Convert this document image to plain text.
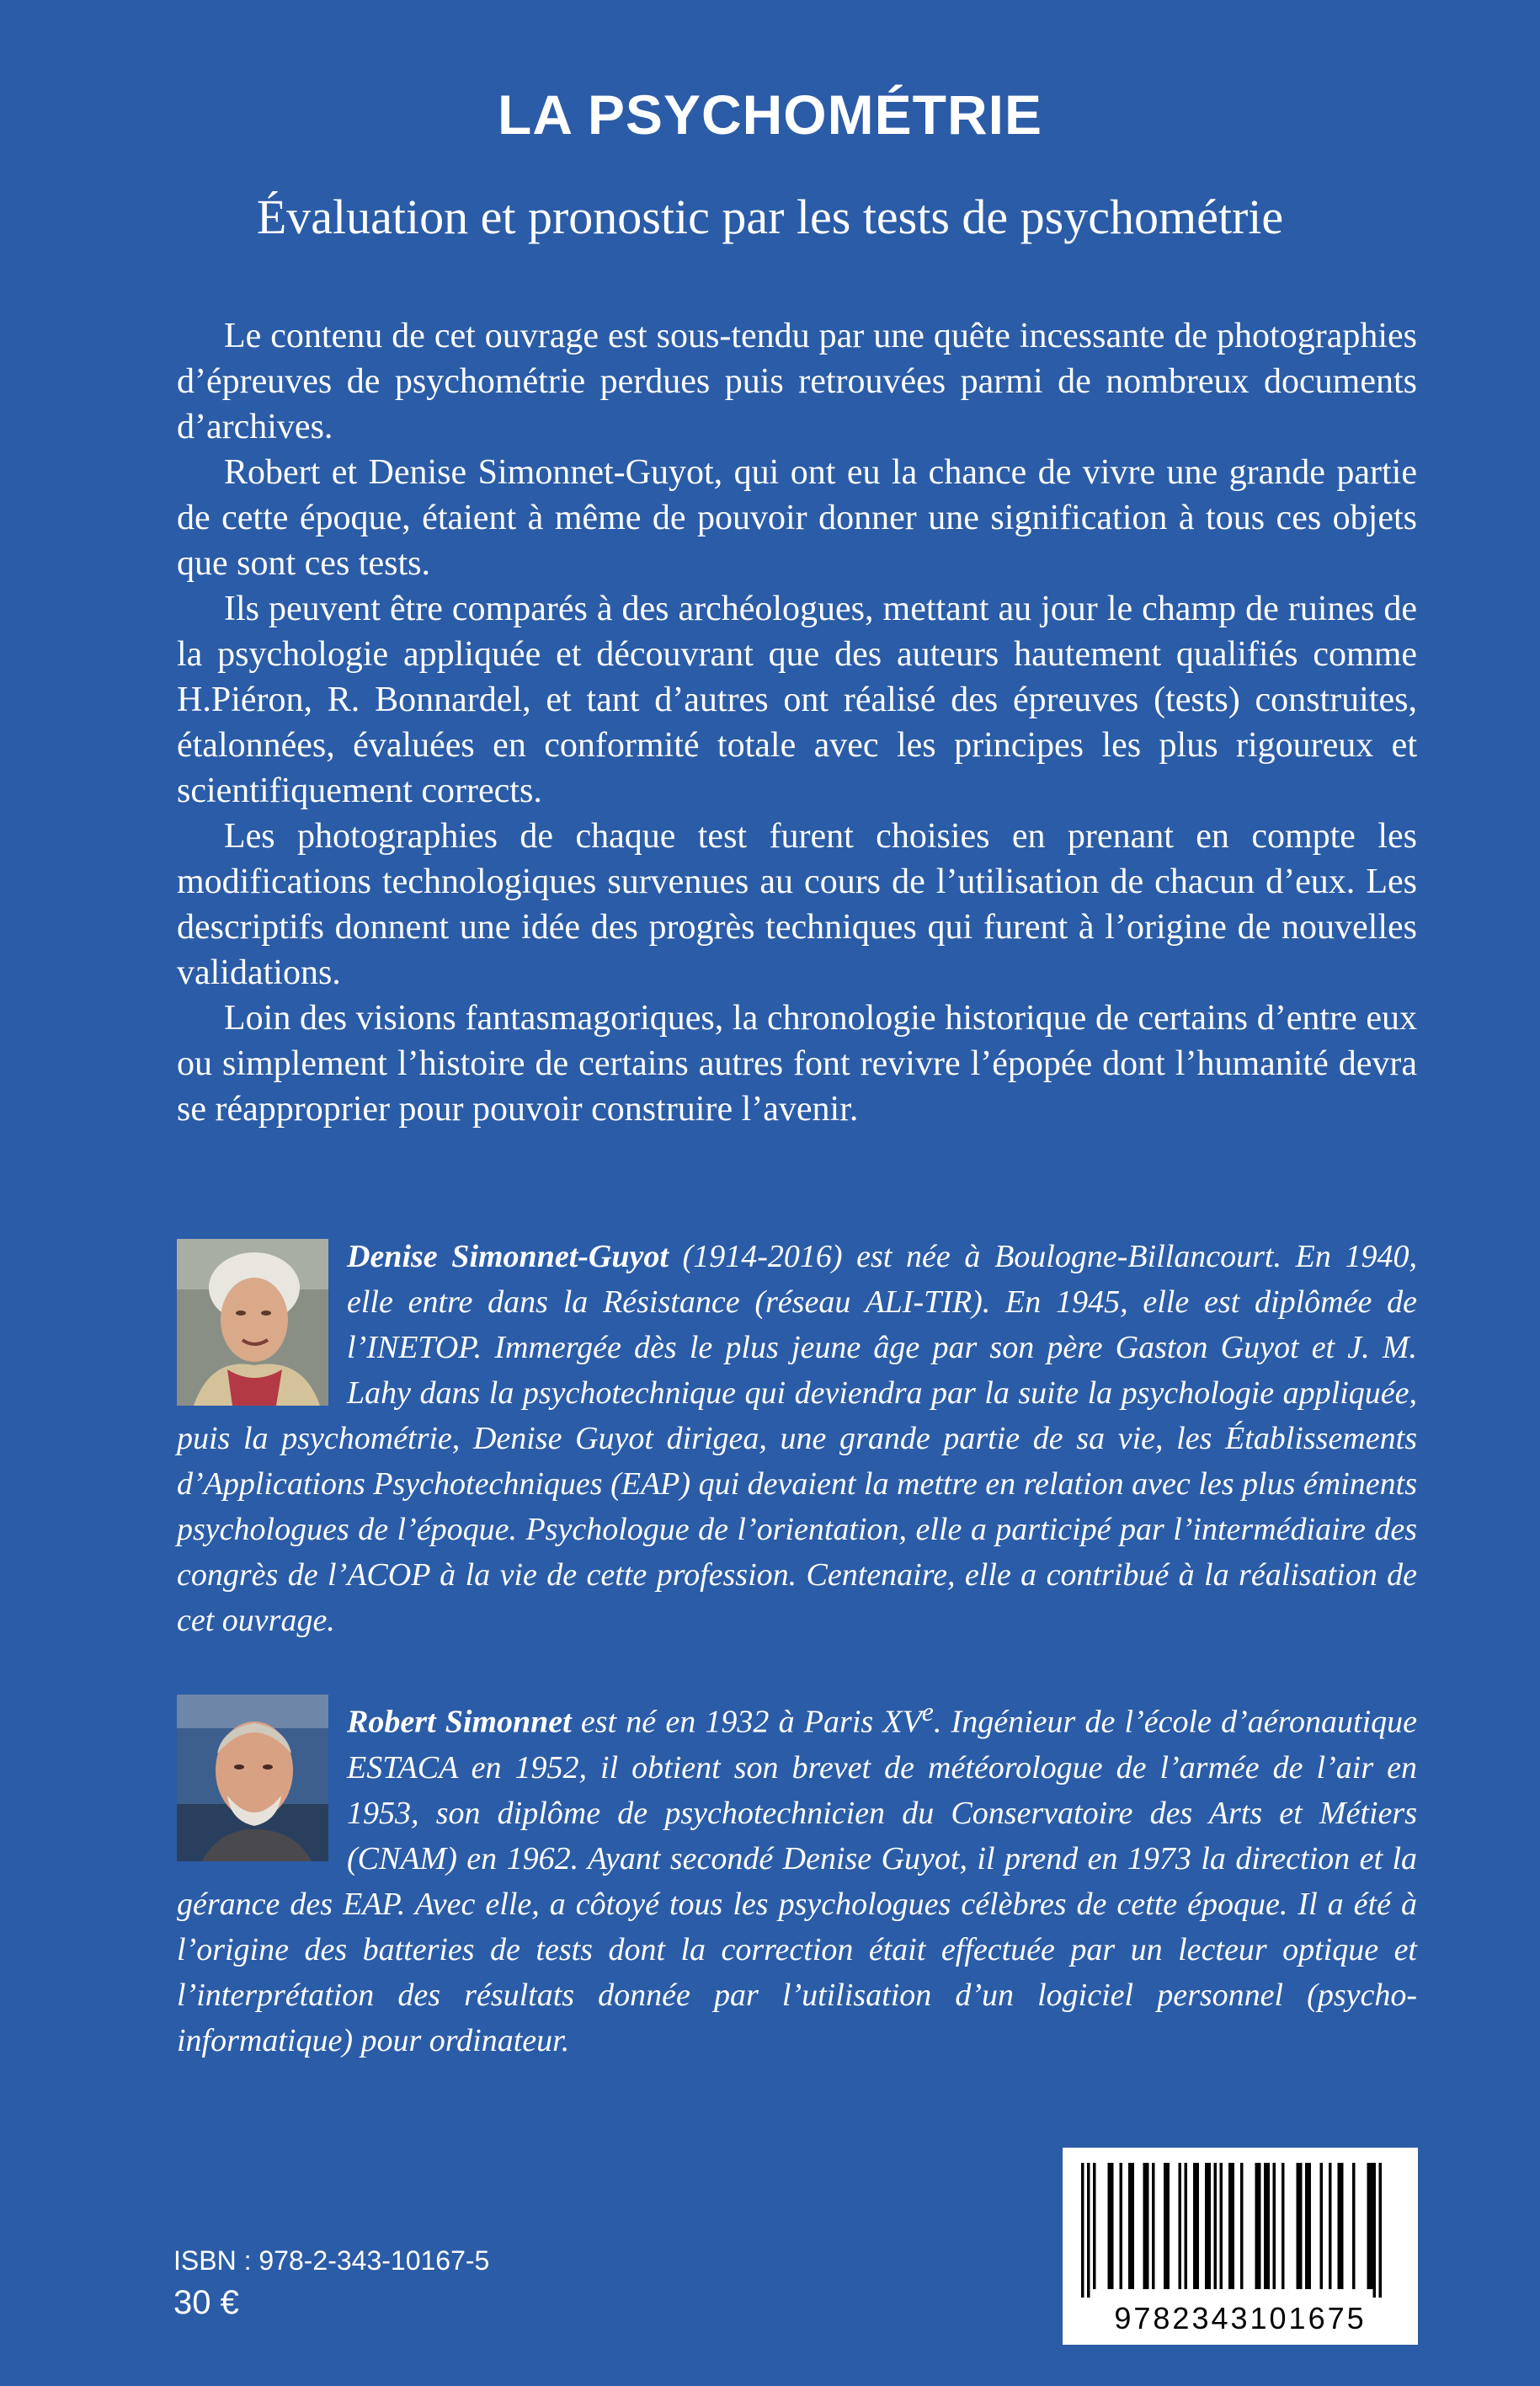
LA PSYCHOMÉTRIE
Évaluation et pronostic par les tests de psychométrie

Le contenu de cet ouvrage est sous-tendu par une quête incessante de photographies d’épreuves de psychométrie perdues puis retrouvées parmi de nombreux documents d’archives.

Robert et Denise Simonnet-Guyot, qui ont eu la chance de vivre une grande partie de cette époque, étaient à même de pouvoir donner une signification à tous ces objets que sont ces tests.

Ils peuvent être comparés à des archéologues, mettant au jour le champ de ruines de la psychologie appliquée et découvrant que des auteurs hautement qualifiés comme H.Piéron, R. Bonnardel, et tant d’autres ont réalisé des épreuves (tests) construites, étalonnées, évaluées en conformité totale avec les principes les plus rigoureux et scientifiquement corrects.

Les photographies de chaque test furent choisies en prenant en compte les modifications technologiques survenues au cours de l’utilisation de chacun d’eux. Les descriptifs donnent une idée des progrès techniques qui furent à l’origine de nouvelles validations.

Loin des visions fantasmagoriques, la chronologie historique de certains d’entre eux ou simplement l’histoire de certains autres font revivre l’épopée dont l’humanité devra se réapproprier pour pouvoir construire l’avenir.

Denise Simonnet-Guyot (1914-2016) est née à Boulogne-Billancourt. En 1940, elle entre dans la Résistance (réseau ALI-TIR). En 1945, elle est diplômée de l’INETOP. Immergée dès le plus jeune âge par son père Gaston Guyot et J. M. Lahy dans la psychotechnique qui deviendra par la suite la psychologie appliquée, puis la psychométrie, Denise Guyot dirigea, une grande partie de sa vie, les Établissements d’Applications Psychotechniques (EAP) qui devaient la mettre en relation avec les plus éminents psychologues de l’époque. Psychologue de l’orientation, elle a participé par l’intermédiaire des congrès de l’ACOP à la vie de cette profession. Centenaire, elle a contribué à la réalisation de cet ouvrage.

Robert Simonnet est né en 1932 à Paris XVe. Ingénieur de l’école d’aéronautique ESTACA en 1952, il obtient son brevet de météorologue de l’armée de l’air en 1953, son diplôme de psychotechnicien du Conservatoire des Arts et Métiers (CNAM) en 1962. Ayant secondé Denise Guyot, il prend en 1973 la direction et la gérance des EAP. Avec elle, a côtoyé tous les psychologues célèbres de cette époque. Il a été à l’origine des batteries de tests dont la correction était effectuée par un lecteur optique et l’interprétation des résultats donnée par l’utilisation d’un logiciel personnel (psycho-informatique) pour ordinateur.

ISBN : 978-2-343-10167-5
30 €	9782343101675
